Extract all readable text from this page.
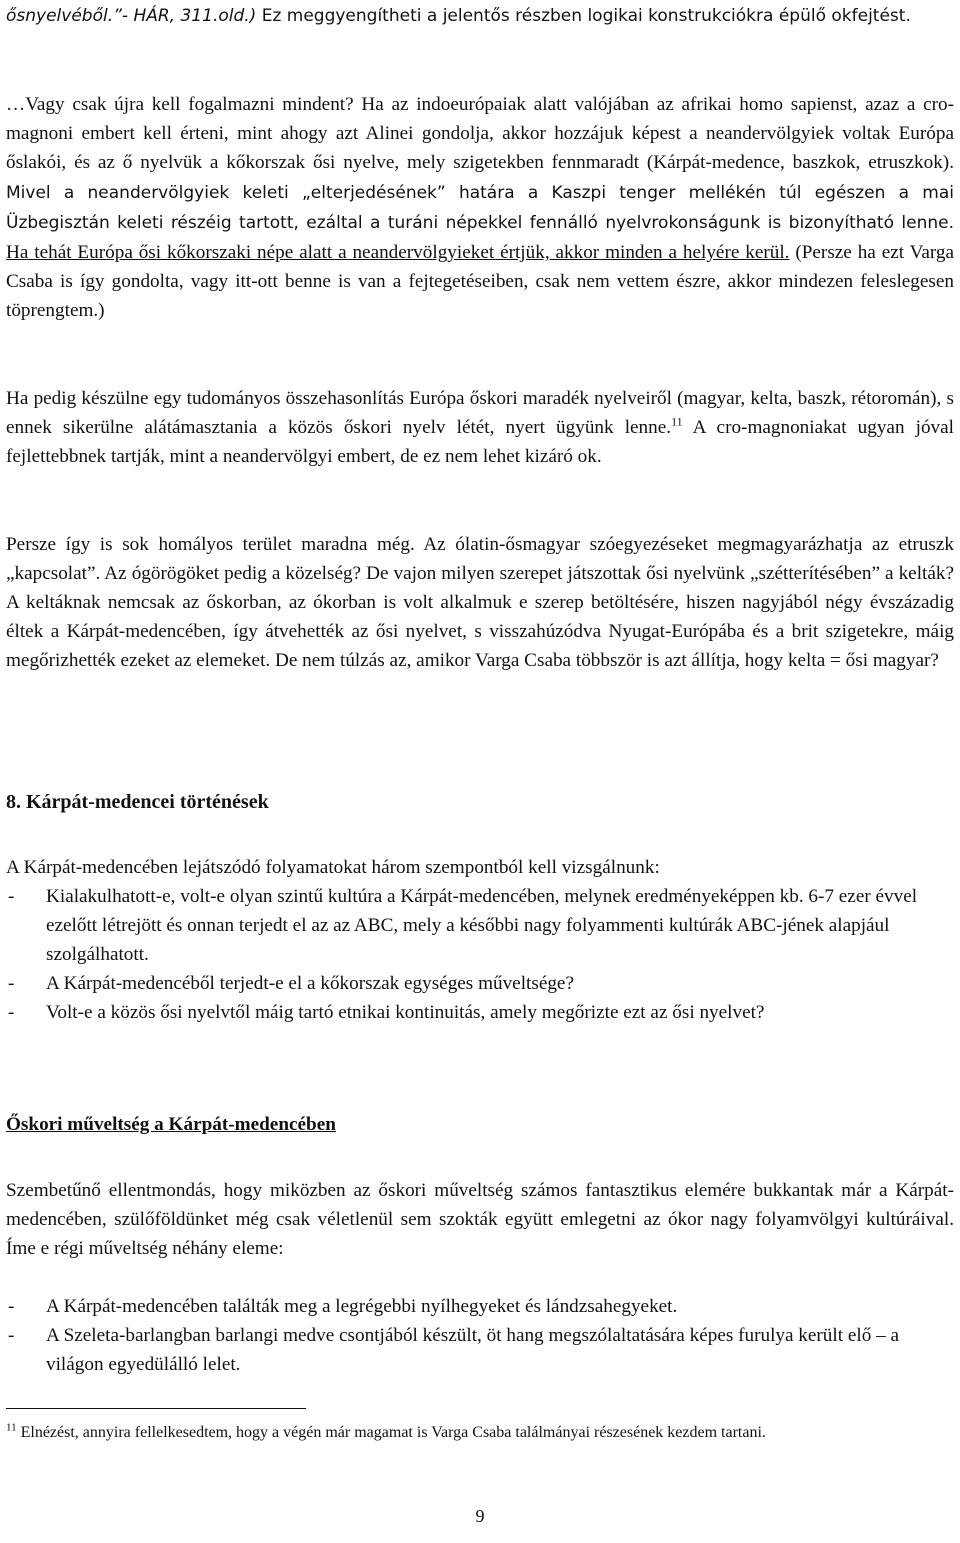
ősnyelvéből.”- HÁR, 311.old.) Ez meggyengítheti a jelentős részben logikai konstrukciókra épülő okfejtést.

…Vagy csak újra kell fogalmazni mindent? Ha az indoeurópaiak alatt valójában az afrikai homo sapienst, azaz a cro-magnoni embert kell érteni, mint ahogy azt Alinei gondolja, akkor hozzájuk képest a neandervölgyiek voltak Európa őslakói, és az ő nyelvük a kőkorszak ősi nyelve, mely szigetekben fennmaradt (Kárpát-medence, baszkok, etruszkok). Mivel a neandervölgyiek keleti „elterjedésének” határa a Kaszpi tenger mellékén túl egészen a mai Üzbegisztán keleti részéig tartott, ezáltal a turáni népekkel fennálló nyelvrokonságunk is bizonyítható lenne. Ha tehát Európa ősi kőkorszaki népe alatt a neandervölgyieket értjük, akkor minden a helyére kerül. (Persze ha ezt Varga Csaba is így gondolta, vagy itt-ott benne is van a fejtegetéseiben, csak nem vettem észre, akkor mindezen feleslegesen töprengtem.)

Ha pedig készülne egy tudományos összehasonlítás Európa őskori maradék nyelveiről (magyar, kelta, baszk, rétoromán), s ennek sikerülne alátámasztania a közös őskori nyelv létét, nyert ügyünk lenne.$^{11}$ A cro-magnoniakat ugyan jóval fejlettebbnek tartják, mint a neandervölgyi embert, de ez nem lehet kizáró ok.

Persze így is sok homályos terület maradna még. Az ólatin-ősmagyar szóegyezéseket megmagyarázhatja az etruszk „kapcsolat”. Az ógörögöket pedig a közelség? De vajon milyen szerepet játszottak ősi nyelvünk „szétterítésében” a kelták? A keltáknak nemcsak az őskorban, az ókorban is volt alkalmuk e szerep betöltésére, hiszen nagyjából négy évszázadig éltek a Kárpát-medencében, így átvehették az ősi nyelvet, s visszahúzódva Nyugat-Európába és a brit szigetekre, máig megőrizhették ezeket az elemeket. De nem túlzás az, amikor Varga Csaba többször is azt állítja, hogy kelta = ősi magyar?

8. Kárpát-medencei történések

A Kárpát-medencében lejátszódó folyamatokat három szempontból kell vizsgálnunk:

- Kialakulhatott-e, volt-e olyan szintű kultúra a Kárpát-medencében, melynek eredményeképpen kb. 6-7 ezer évvel ezelőtt létrejött és onnan terjedt el az az ABC, mely a későbbi nagy folyammenti kultúrák ABC-jének alapjául szolgálhatott.
- A Kárpát-medencéből terjedt-e el a kőkorszak egységes műveltsége?
- Volt-e a közös ősi nyelvtől máig tartó etnikai kontinuitás, amely megőrizte ezt az ősi nyelvet?
Őskori műveltség a Kárpát-medencében

Szembetűnő ellentmondás, hogy miközben az őskori műveltség számos fantasztikus elemére bukkantak már a Kárpát-medencében, szülőföldünket még csak véletlenül sem szokták együtt emlegetni az ókor nagy folyamvölgyi kultúráival. Íme e régi műveltség néhány eleme:

- A Kárpát-medencében találták meg a legrégebbi nyílhegyeket és lándzsahegyeket.
- A Szeleta-barlangban barlangi medve csontjából készült, öt hang megszólaltatására képes furulya került elő – a világon egyedülálló lelet.

$^{11}$ Elnézést, annyira fellelkesedtem, hogy a végén már magamat is Varga Csaba találmányai részesének kezdem tartani.

9
